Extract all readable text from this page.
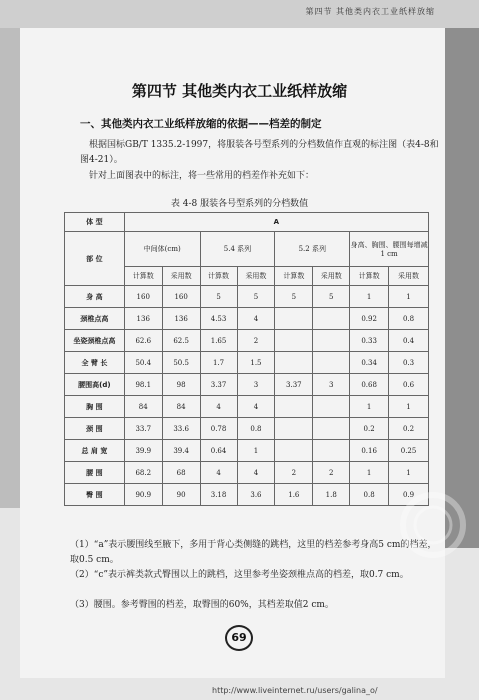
第四节 其他类内衣工业纸样放缩
第四节 其他类内衣工业纸样放缩
一、其他类内衣工业纸样放缩的依据——档差的制定
根据国标GB/T 1335.2-1997，将服装各号型系列的分档数值作直观的标注图（表4-8和图4-21）。
针对上面图表中的标注，将一些常用的档差作补充如下：
表 4-8 服装各号型系列的分档数值
体 型	A							
部 位	中间体(cm)		5.4 系列		5.2 系列		身高、胸围、腰围每增减 1 cm	
	计算数	采用数	计算数	采用数	计算数	采用数	计算数	采用数
身 高	160	160	5	5	5	5	1	1
颈椎点高	136	136	4.53	4			0.92	0.8
坐姿颈椎点高	62.6	62.5	1.65	2			0.33	0.4
全 臂 长	50.4	50.5	1.7	1.5			0.34	0.3
腰围高(d)	98.1	98	3.37	3	3.37	3	0.68	0.6
胸 围	84	84	4	4			1	1
颈 围	33.7	33.6	0.78	0.8			0.2	0.2
总 肩 宽	39.9	39.4	0.64	1			0.16	0.25
腰 围	68.2	68	4	4	2	2	1	1
臀 围	90.9	90	3.18	3.6	1.6	1.8	0.8	0.9
（1）“a”表示腰围线至腋下，多用于背心类侧缝的跳档，这里的档差参考身高5 cm的档差，取0.5 cm。
（2）“c”表示裤类款式臀围以上的跳档，这里参考坐姿颈椎点高的档差，取0.7 cm。
（3）腰围。参考臀围的档差，取臀围的60%，其档差取值2 cm。
69
http://www.liveinternet.ru/users/galina_o/
